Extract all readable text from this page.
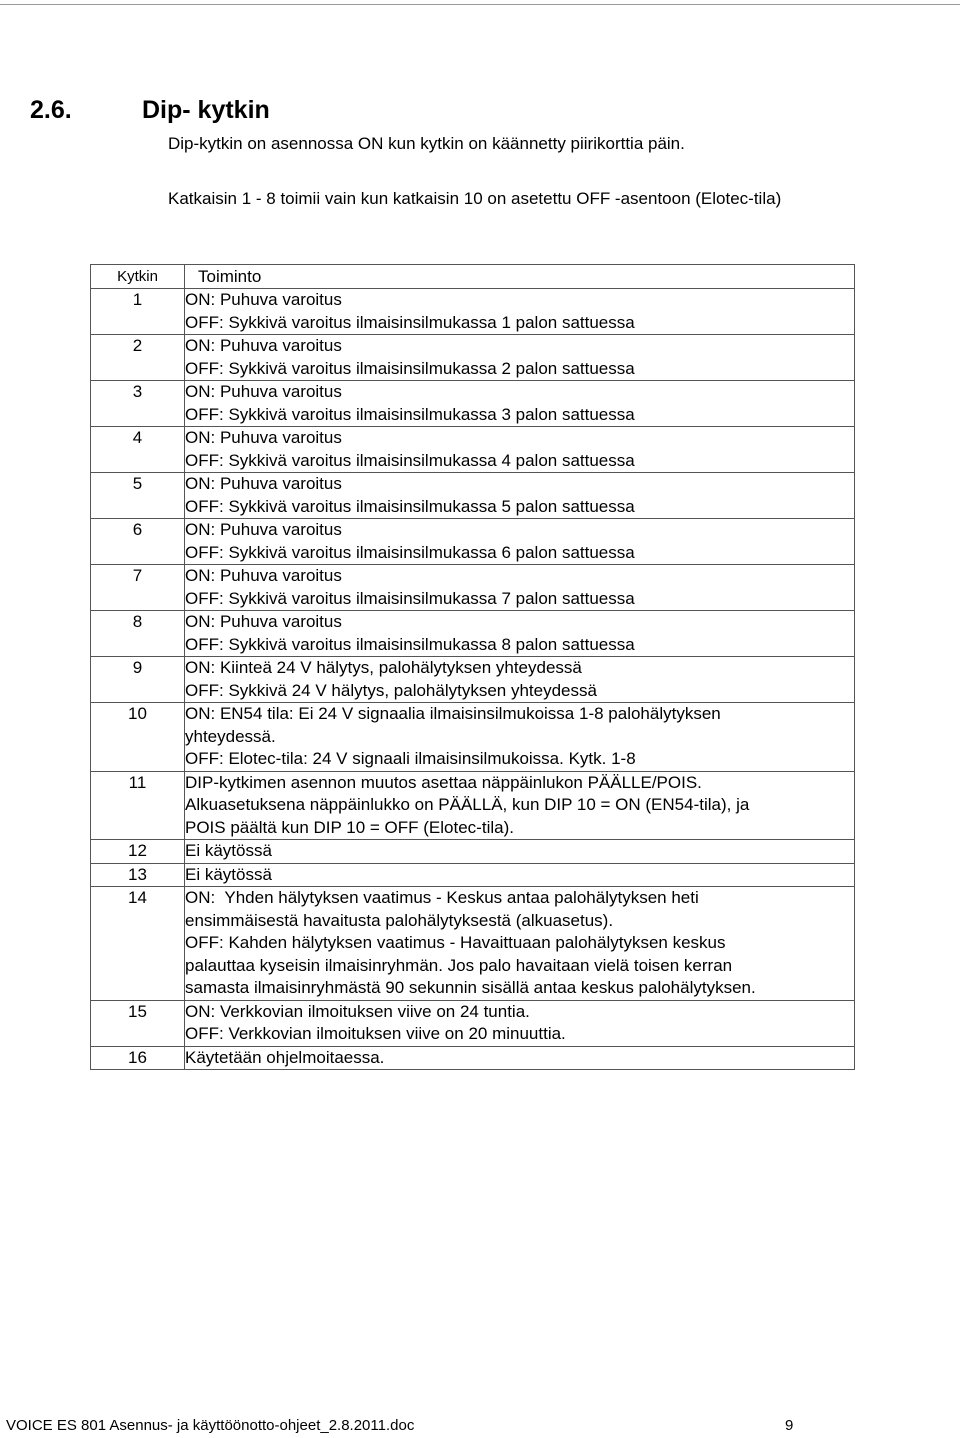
2.6.	Dip- kytkin
Dip-kytkin on asennossa ON kun kytkin on käännetty piirikorttia päin.
Katkaisin 1 - 8 toimii vain kun katkaisin 10 on asetettu OFF -asentoon (Elotec-tila)
Kytkin	Toiminto
1	ON: Puhuva varoitus
OFF: Sykkivä varoitus ilmaisinsilmukassa 1 palon sattuessa

2	ON: Puhuva varoitus
OFF: Sykkivä varoitus ilmaisinsilmukassa 2 palon sattuessa

3	ON: Puhuva varoitus
OFF: Sykkivä varoitus ilmaisinsilmukassa 3 palon sattuessa

4	ON: Puhuva varoitus
OFF: Sykkivä varoitus ilmaisinsilmukassa 4 palon sattuessa

5	ON: Puhuva varoitus
OFF: Sykkivä varoitus ilmaisinsilmukassa 5 palon sattuessa

6	ON: Puhuva varoitus
OFF: Sykkivä varoitus ilmaisinsilmukassa 6 palon sattuessa

7	ON: Puhuva varoitus
OFF: Sykkivä varoitus ilmaisinsilmukassa 7 palon sattuessa

8	ON: Puhuva varoitus
OFF: Sykkivä varoitus ilmaisinsilmukassa 8 palon sattuessa

9	ON: Kiinteä 24 V hälytys, palohälytyksen yhteydessä
OFF: Sykkivä 24 V hälytys, palohälytyksen yhteydessä

10	ON: EN54 tila: Ei 24 V signaalia ilmaisinsilmukoissa 1-8 palohälytyksen
yhteydessä.
OFF: Elotec-tila: 24 V signaali ilmaisinsilmukoissa. Kytk. 1-8

11	DIP-kytkimen asennon muutos asettaa näppäinlukon PÄÄLLE/POIS.
Alkuasetuksena näppäinlukko on PÄÄLLÄ, kun DIP 10 = ON (EN54-tila), ja
POIS päältä kun DIP 10 = OFF (Elotec-tila).

12	Ei käytössä

13	Ei käytössä

14	ON:  Yhden hälytyksen vaatimus - Keskus antaa palohälytyksen heti
ensimmäisestä havaitusta palohälytyksestä (alkuasetus).
OFF: Kahden hälytyksen vaatimus - Havaittuaan palohälytyksen keskus
palauttaa kyseisin ilmaisinryhmän. Jos palo havaitaan vielä toisen kerran
samasta ilmaisinryhmästä 90 sekunnin sisällä antaa keskus palohälytyksen.

15	ON: Verkkovian ilmoituksen viive on 24 tuntia.
OFF: Verkkovian ilmoituksen viive on 20 minuuttia.

16	Käytetään ohjelmoitaessa.
VOICE ES 801 Asennus- ja käyttöönotto-ohjeet_2.8.2011.doc	9
